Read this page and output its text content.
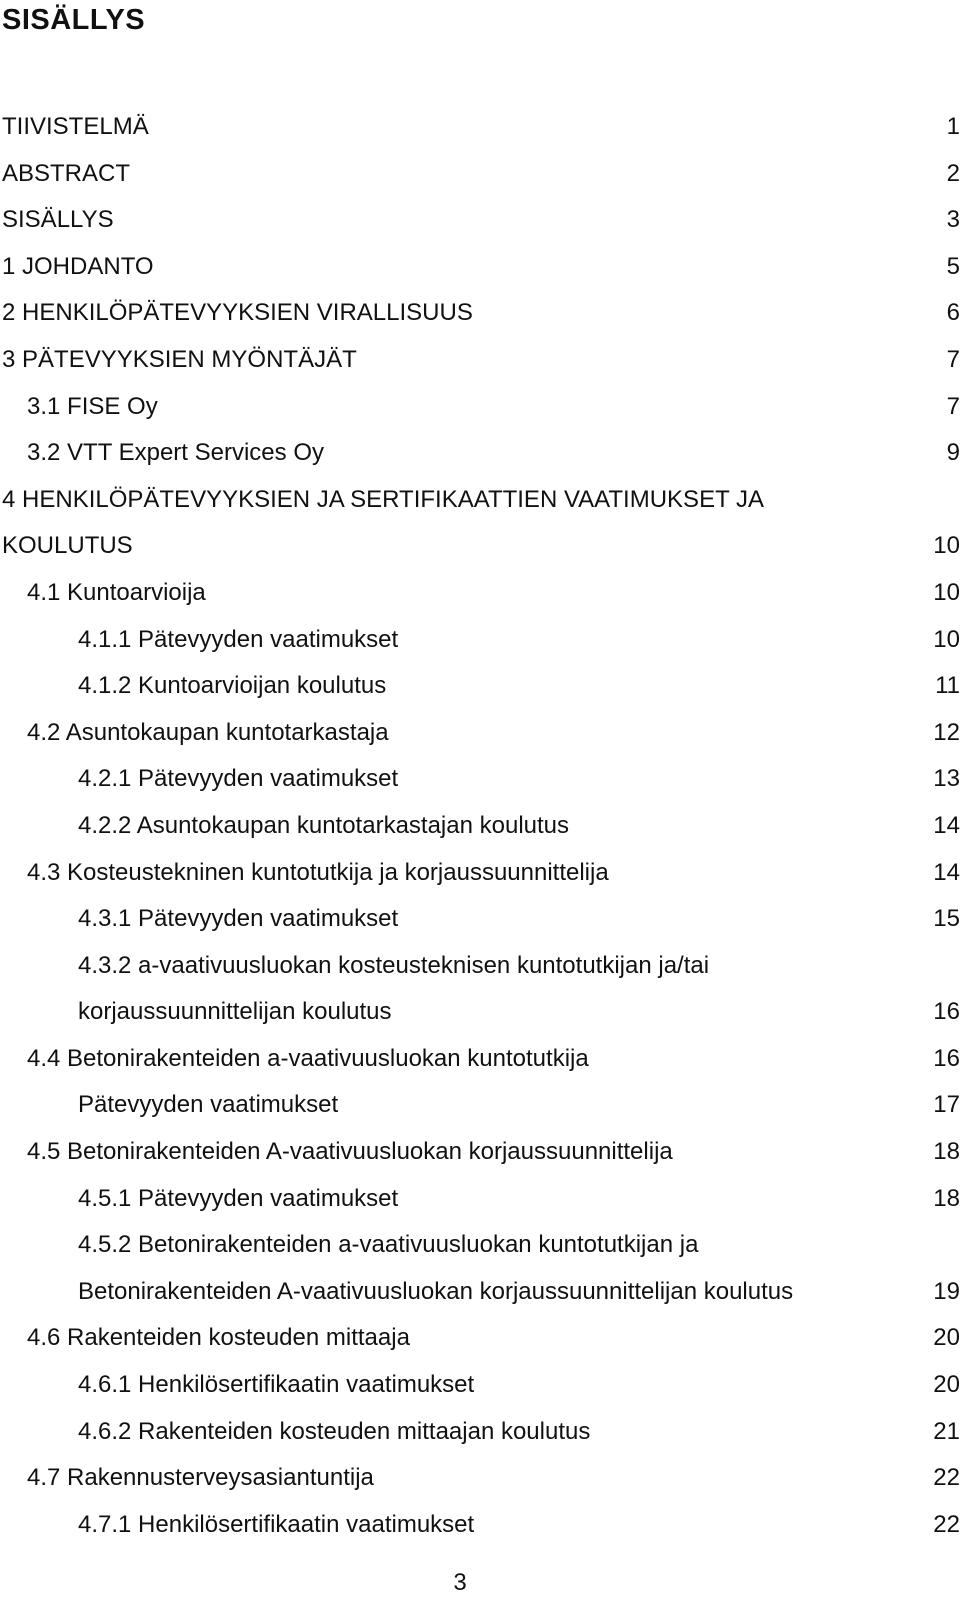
SISÄLLYS
TIIVISTELMÄ	1
ABSTRACT	2
SISÄLLYS	3
1 JOHDANTO	5
2 HENKILÖPÄTEVYYKSIEN VIRALLISUUS	6
3 PÄTEVYYKSIEN MYÖNTÄJÄT	7
3.1 FISE Oy	7
3.2 VTT Expert Services Oy	9
4 HENKILÖPÄTEVYYKSIEN JA SERTIFIKAATTIEN VAATIMUKSET JA
KOULUTUS	10
4.1 Kuntoarvioija	10
4.1.1 Pätevyyden vaatimukset	10
4.1.2 Kuntoarvioijan koulutus	11
4.2 Asuntokaupan kuntotarkastaja	12
4.2.1 Pätevyyden vaatimukset	13
4.2.2 Asuntokaupan kuntotarkastajan koulutus	14
4.3 Kosteustekninen kuntotutkija ja korjaussuunnittelija	14
4.3.1 Pätevyyden vaatimukset	15
4.3.2 a-vaativuusluokan kosteusteknisen kuntotutkijan ja/tai
korjaussuunnittelijan koulutus	16
4.4 Betonirakenteiden a-vaativuusluokan kuntotutkija	16
Pätevyyden vaatimukset	17
4.5 Betonirakenteiden A-vaativuusluokan korjaussuunnittelija	18
4.5.1 Pätevyyden vaatimukset	18
4.5.2 Betonirakenteiden a-vaativuusluokan kuntotutkijan ja
Betonirakenteiden A-vaativuusluokan korjaussuunnittelijan koulutus	19
4.6 Rakenteiden kosteuden mittaaja	20
4.6.1 Henkilösertifikaatin vaatimukset	20
4.6.2 Rakenteiden kosteuden mittaajan koulutus	21
4.7 Rakennusterveysasiantuntija	22
4.7.1 Henkilösertifikaatin vaatimukset	22
3
